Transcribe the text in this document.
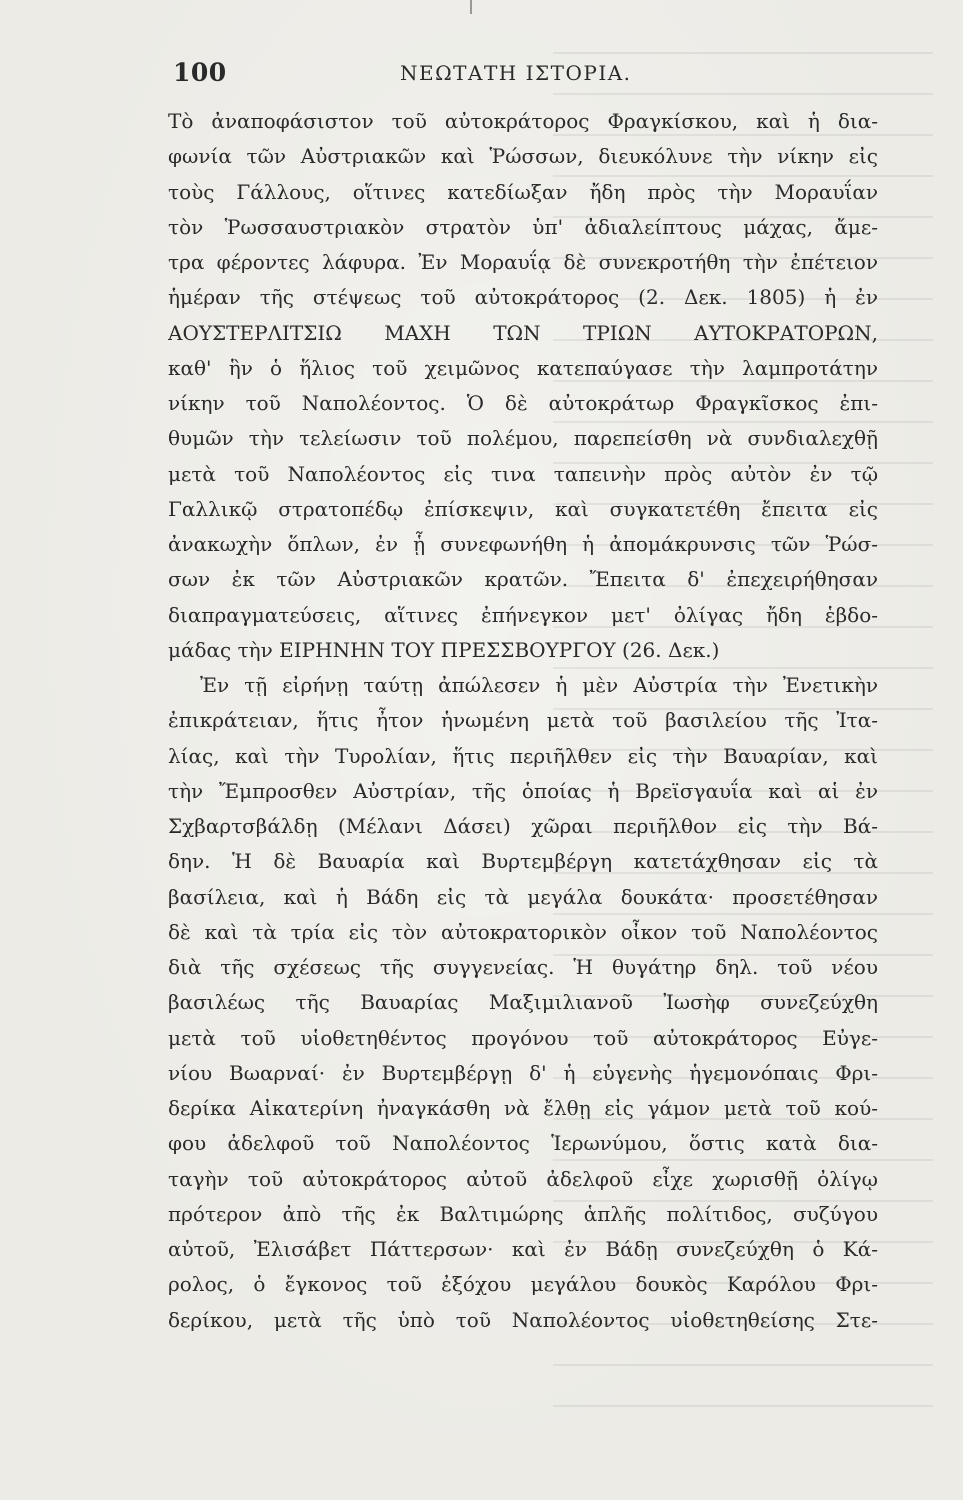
100	ΝΕΩΤΑΤΗ ΙΣΤΟΡΙΑ.
Τὸ ἀναποφάσιστον τοῦ αὐτοκράτορος Φραγκίσκου, καὶ ἡ δια-
φωνία τῶν Αὐστριακῶν καὶ Ῥώσσων, διευκόλυνε τὴν νίκην εἰς
τοὺς Γάλλους, οἵτινες κατεδίωξαν ἤδη πρὸς τὴν Μοραυΐαν
τὸν Ῥωσσαυστριακὸν στρατὸν ὑπ' ἀδιαλείπτους μάχας, ἄμε-
τρα φέροντες λάφυρα. Ἐν Μοραυΐᾳ δὲ συνεκροτήθη τὴν ἐπέτειον
ἡμέραν τῆς στέψεως τοῦ αὐτοκράτορος (2. Δεκ. 1805) ἡ ἐν
ΑΟΥΣΤΕΡΛΙΤΣΙΩ ΜΑΧΗ ΤΩΝ ΤΡΙΩΝ ΑΥΤΟΚΡΑΤΟΡΩΝ,
καθ' ἣν ὁ ἥλιος τοῦ χειμῶνος κατεπαύγασε τὴν λαμπροτάτην
νίκην τοῦ Ναπολέοντος. Ὁ δὲ αὐτοκράτωρ Φραγκῖσκος ἐπι-
θυμῶν τὴν τελείωσιν τοῦ πολέμου, παρεπείσθη νὰ συνδιαλεχθῇ
μετὰ τοῦ Ναπολέοντος εἰς τινα ταπεινὴν πρὸς αὐτὸν ἐν τῷ
Γαλλικῷ στρατοπέδῳ ἐπίσκεψιν, καὶ συγκατετέθη ἔπειτα εἰς
ἀνακωχὴν ὅπλων, ἐν ᾗ συνεφωνήθη ἡ ἀπομάκρυνσις τῶν Ῥώσ-
σων ἐκ τῶν Αὐστριακῶν κρατῶν. Ἔπειτα δ' ἐπεχειρήθησαν
διαπραγματεύσεις, αἵτινες ἐπήνεγκον μετ' ὀλίγας ἤδη ἑβδο-
μάδας τὴν ΕΙΡΗΝΗΝ ΤΟΥ ΠΡΕΣΣΒΟΥΡΓΟΥ (26. Δεκ.)
Ἐν τῇ εἰρήνῃ ταύτῃ ἀπώλεσεν ἡ μὲν Αὐστρία τὴν Ἐνετικὴν
ἐπικράτειαν, ἥτις ἦτον ἡνωμένη μετὰ τοῦ βασιλείου τῆς Ἰτα-
λίας, καὶ τὴν Τυρολίαν, ἥτις περιῆλθεν εἰς τὴν Βαυαρίαν, καὶ
τὴν Ἔμπροσθεν Αὐστρίαν, τῆς ὁποίας ἡ Βρεϊσγαυΐα καὶ αἱ ἐν
Σχβαρτσβάλδῃ (Μέλανι Δάσει) χῶραι περιῆλθον εἰς τὴν Βά-
δην. Ἡ δὲ Βαυαρία καὶ Βυρτεμβέργη κατετάχθησαν εἰς τὰ
βασίλεια, καὶ ἡ Βάδη εἰς τὰ μεγάλα δουκάτα· προσετέθησαν
δὲ καὶ τὰ τρία εἰς τὸν αὐτοκρατορικὸν οἶκον τοῦ Ναπολέοντος
διὰ τῆς σχέσεως τῆς συγγενείας. Ἡ θυγάτηρ δηλ. τοῦ νέου
βασιλέως τῆς Βαυαρίας Μαξιμιλιανοῦ Ἰωσὴφ συνεζεύχθη
μετὰ τοῦ υἱοθετηθέντος προγόνου τοῦ αὐτοκράτορος Εὐγε-
νίου Βωαρναί· ἐν Βυρτεμβέργῃ δ' ἡ εὐγενὴς ἡγεμονόπαις Φρι-
δερίκα Αἰκατερίνη ἠναγκάσθη νὰ ἔλθῃ εἰς γάμον μετὰ τοῦ κού-
φου ἀδελφοῦ τοῦ Ναπολέοντος Ἱερωνύμου, ὅστις κατὰ δια-
ταγὴν τοῦ αὐτοκράτορος αὐτοῦ ἀδελφοῦ εἶχε χωρισθῇ ὀλίγῳ
πρότερον ἀπὸ τῆς ἐκ Βαλτιμώρης ἁπλῆς πολίτιδος, συζύγου
αὐτοῦ, Ἐλισάβετ Πάττερσων· καὶ ἐν Βάδῃ συνεζεύχθη ὁ Κά-
ρολος, ὁ ἔγκονος τοῦ ἐξόχου μεγάλου δουκὸς Καρόλου Φρι-
δερίκου, μετὰ τῆς ὑπὸ τοῦ Ναπολέοντος υἱοθετηθείσης Στε-
